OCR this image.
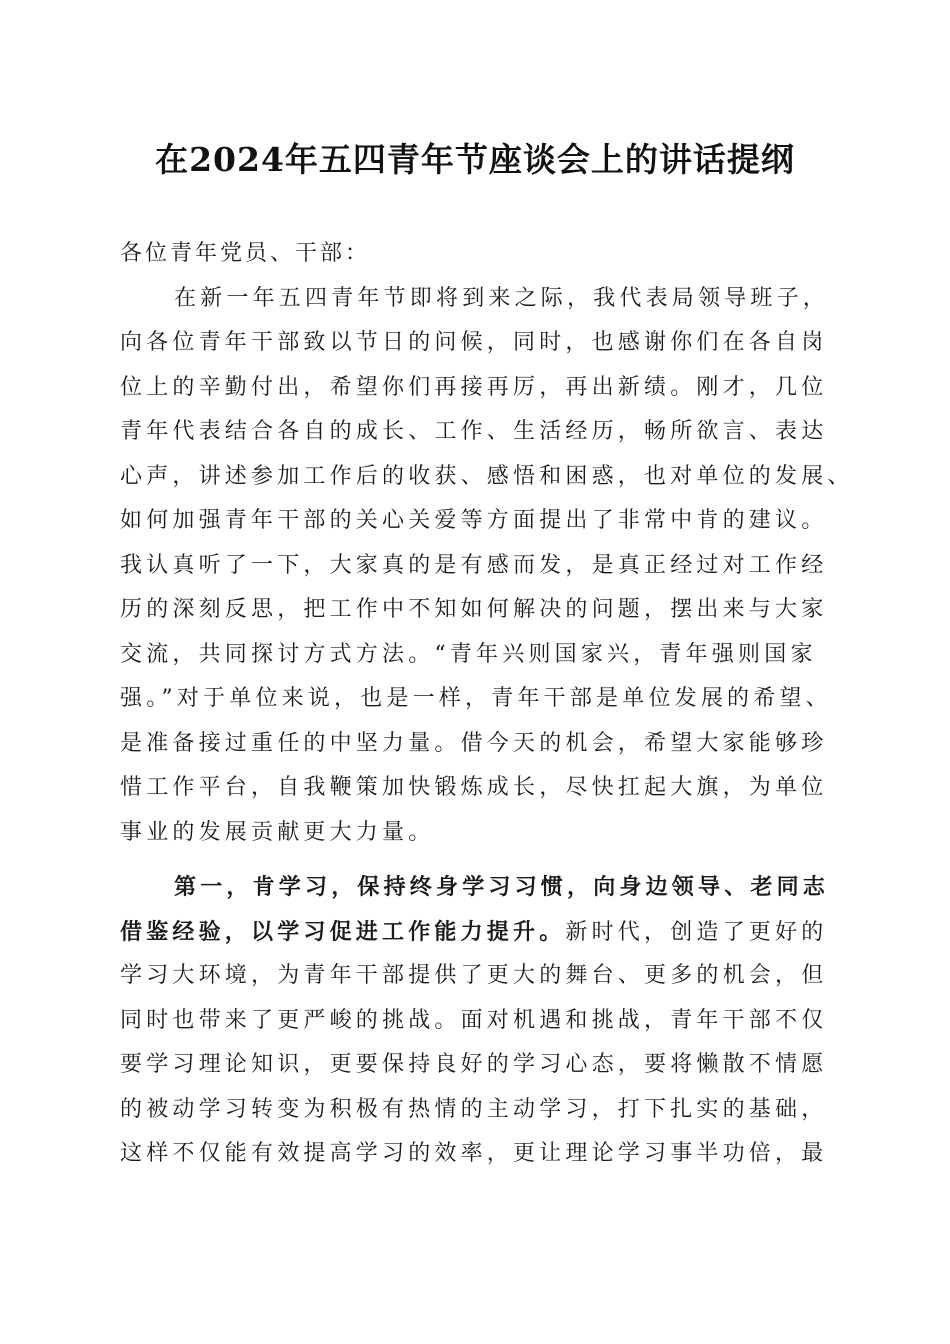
在2024年五四青年节座谈会上的讲话提纲
各位青年党员、干部：
在新一年五四青年节即将到来之际，我代表局领导班子，
向各位青年干部致以节日的问候，同时，也感谢你们在各自岗
位上的辛勤付出，希望你们再接再厉，再出新绩。刚才，几位
青年代表结合各自的成长、工作、生活经历，畅所欲言、表达
心声，讲述参加工作后的收获、感悟和困惑，也对单位的发展、
如何加强青年干部的关心关爱等方面提出了非常中肯的建议。
我认真听了一下，大家真的是有感而发，是真正经过对工作经
历的深刻反思，把工作中不知如何解决的问题，摆出来与大家
交流，共同探讨方式方法。“青年兴则国家兴，青年强则国家
强。”对于单位来说，也是一样，青年干部是单位发展的希望、
是准备接过重任的中坚力量。借今天的机会，希望大家能够珍
惜工作平台，自我鞭策加快锻炼成长，尽快扛起大旗，为单位
事业的发展贡献更大力量。
第一，肯学习，保持终身学习习惯，向身边领导、老同志
借鉴经验，以学习促进工作能力提升。新时代，创造了更好的
学习大环境，为青年干部提供了更大的舞台、更多的机会，但
同时也带来了更严峻的挑战。面对机遇和挑战，青年干部不仅
要学习理论知识，更要保持良好的学习心态，要将懒散不情愿
的被动学习转变为积极有热情的主动学习，打下扎实的基础，
这样不仅能有效提高学习的效率，更让理论学习事半功倍，最
